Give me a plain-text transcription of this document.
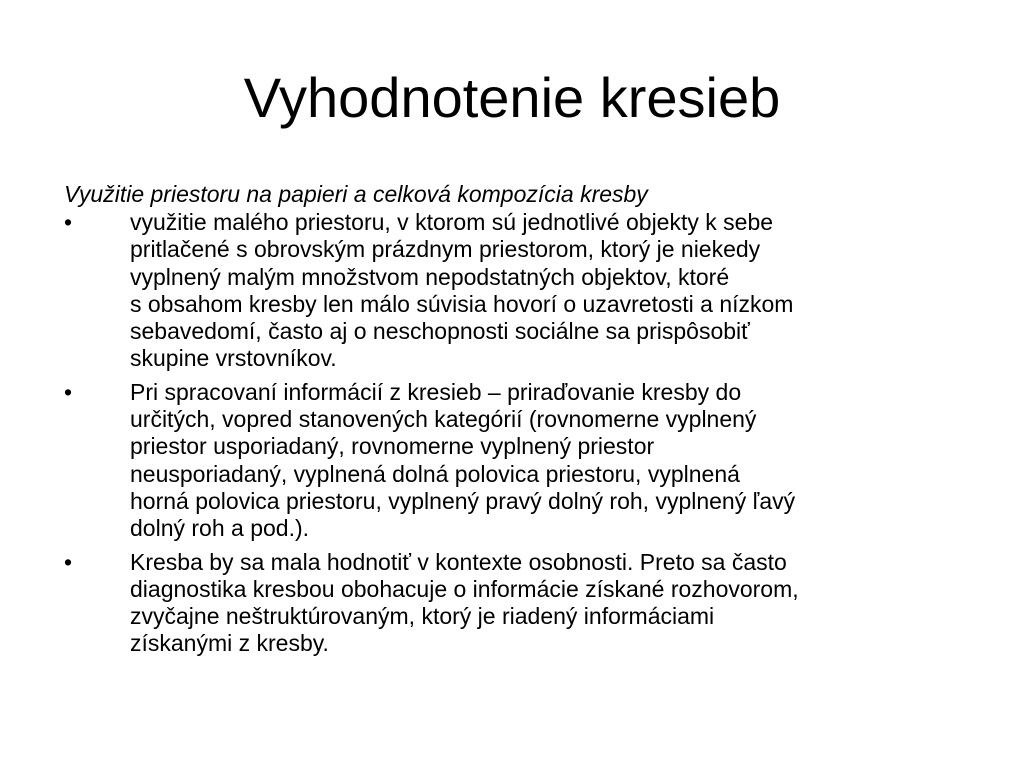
Vyhodnotenie kresieb

Využitie priestoru na papieri a celková kompozícia kresby

•	využitie malého priestoru, v ktorom sú jednotlivé objekty k sebe
pritlačené s obrovským prázdnym priestorom, ktorý je niekedy
vyplnený malým množstvom nepodstatných objektov, ktoré
s obsahom kresby len málo súvisia hovorí o uzavretosti a nízkom
sebavedomí, často aj o neschopnosti sociálne sa prispôsobiť
skupine vrstovníkov.
•	Pri spracovaní informácií z kresieb – priraďovanie kresby do
určitých, vopred stanovených kategórií (rovnomerne vyplnený
priestor usporiadaný, rovnomerne vyplnený priestor
neusporiadaný, vyplnená dolná polovica priestoru, vyplnená
horná polovica priestoru, vyplnený pravý dolný roh, vyplnený ľavý
dolný roh a pod.).
•	Kresba by sa mala hodnotiť v kontexte osobnosti. Preto sa často
diagnostika kresbou obohacuje o informácie získané rozhovorom,
zvyčajne neštruktúrovaným, ktorý je riadený informáciami
získanými z kresby.
